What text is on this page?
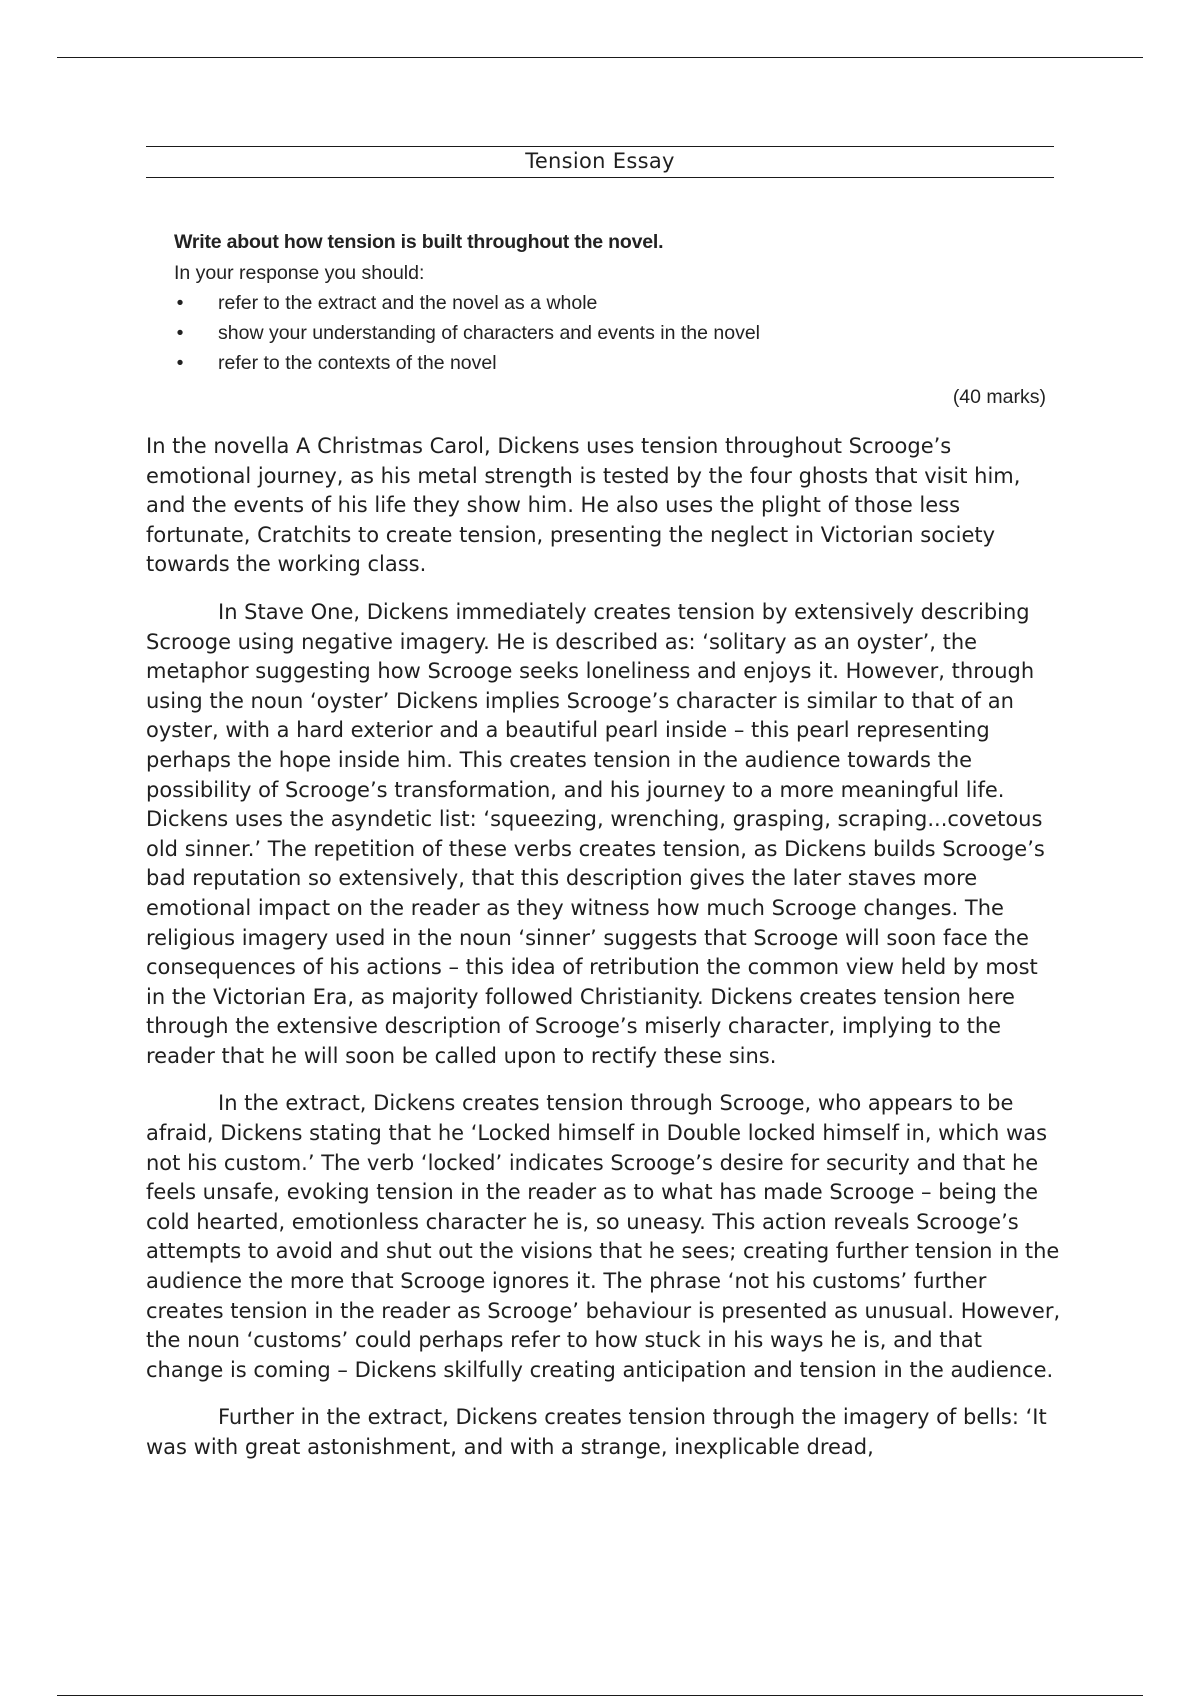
Tension Essay
Write about how tension is built throughout the novel.
In your response you should:
• refer to the extract and the novel as a whole
• show your understanding of characters and events in the novel
• refer to the contexts of the novel
(40 marks)

In the novella A Christmas Carol, Dickens uses tension throughout Scrooge’s emotional journey, as his metal strength is tested by the four ghosts that visit him, and the events of his life they show him. He also uses the plight of those less fortunate, Cratchits to create tension, presenting the neglect in Victorian society towards the working class.

In Stave One, Dickens immediately creates tension by extensively describing Scrooge using negative imagery. He is described as: ‘solitary as an oyster’, the metaphor suggesting how Scrooge seeks loneliness and enjoys it. However, through using the noun ‘oyster’ Dickens implies Scrooge’s character is similar to that of an oyster, with a hard exterior and a beautiful pearl inside – this pearl representing perhaps the hope inside him. This creates tension in the audience towards the possibility of Scrooge’s transformation, and his journey to a more meaningful life. Dickens uses the asyndetic list: ‘squeezing, wrenching, grasping, scraping...covetous old sinner.’ The repetition of these verbs creates tension, as Dickens builds Scrooge’s bad reputation so extensively, that this description gives the later staves more emotional impact on the reader as they witness how much Scrooge changes. The religious imagery used in the noun ‘sinner’ suggests that Scrooge will soon face the consequences of his actions – this idea of retribution the common view held by most in the Victorian Era, as majority followed Christianity. Dickens creates tension here through the extensive description of Scrooge’s miserly character, implying to the reader that he will soon be called upon to rectify these sins.

In the extract, Dickens creates tension through Scrooge, who appears to be afraid, Dickens stating that he ‘Locked himself in Double locked himself in, which was not his custom.’ The verb ‘locked’ indicates Scrooge’s desire for security and that he feels unsafe, evoking tension in the reader as to what has made Scrooge – being the cold hearted, emotionless character he is, so uneasy. This action reveals Scrooge’s attempts to avoid and shut out the visions that he sees; creating further tension in the audience the more that Scrooge ignores it. The phrase ‘not his customs’ further creates tension in the reader as Scrooge’ behaviour is presented as unusual. However, the noun ‘customs’ could perhaps refer to how stuck in his ways he is, and that change is coming – Dickens skilfully creating anticipation and tension in the audience.

Further in the extract, Dickens creates tension through the imagery of bells: ‘It was with great astonishment, and with a strange, inexplicable dread,
